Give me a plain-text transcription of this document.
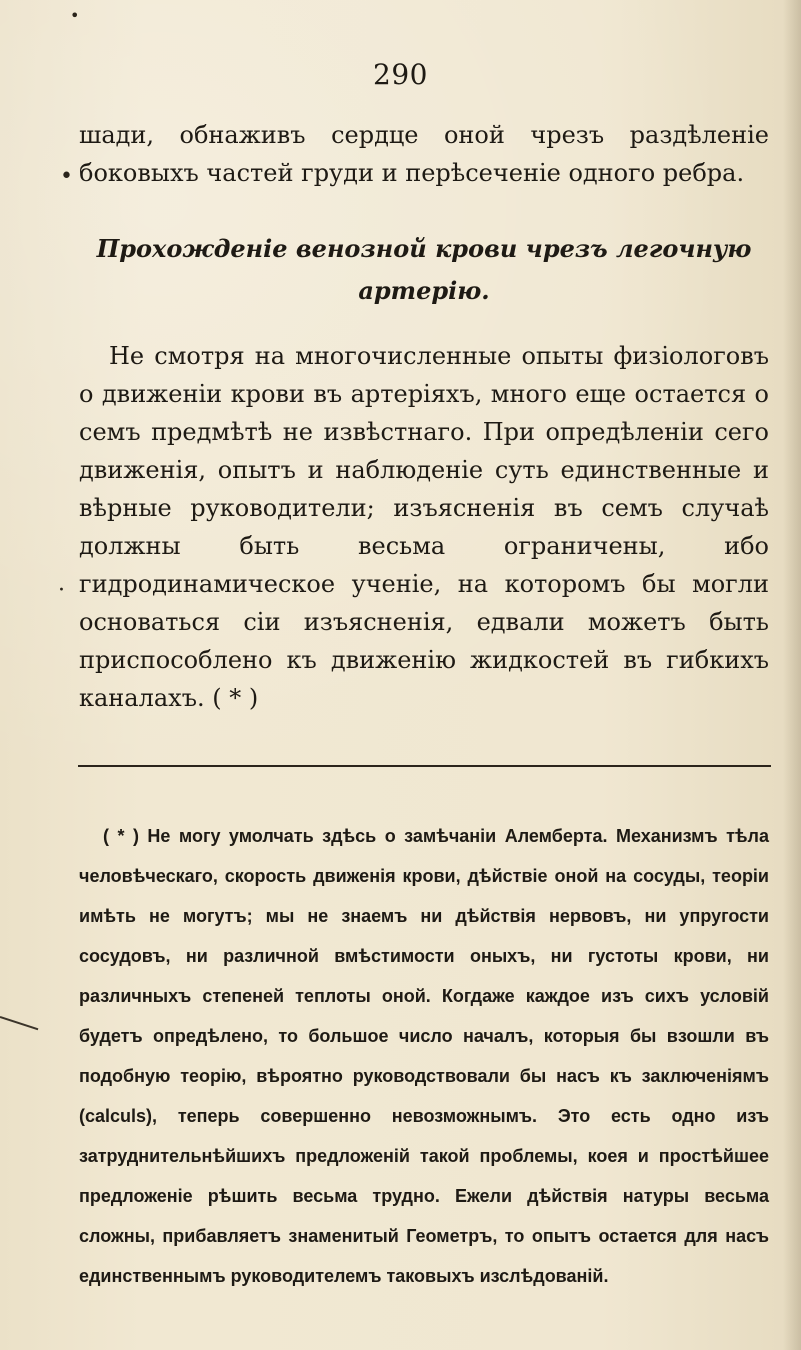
•
•
·
290

шади, обнаживъ сердце оной чрезъ раздѣленіе боковыхъ частей груди и перѣсеченіе одного ребра.

Прохожденіе венозной крови чрезъ легочную артерію.

Не смотря на многочисленные опыты физіологовъ о движеніи крови въ артеріяхъ, много еще остается о семъ предмѣтѣ не извѣстнаго. При опредѣленіи сего движенія, опытъ и наблюденіе суть единственные и вѣрные руководители; изъясненія въ семъ случаѣ должны быть весьма ограничены, ибо гидродинамическое ученіе, на которомъ бы могли основаться сіи изъясненія, едвали можетъ быть приспособлено къ движенію жидкостей въ гибкихъ каналахъ. ( * )

( * ) Не могу умолчать здѣсь о замѣчаніи Алемберта. Механизмъ тѣла человѣческаго, скорость движенія крови, дѣйствіе оной на сосуды, теоріи имѣть не могутъ; мы не знаемъ ни дѣйствія нервовъ, ни упругости сосудовъ, ни различной вмѣстимости оныхъ, ни густоты крови, ни различныхъ степеней теплоты оной. Когдаже каждое изъ сихъ условій будетъ опредѣлено, то большое число началъ, которыя бы взошли въ подобную теорію, вѣроятно руководствовали бы насъ къ заключеніямъ (calculs), теперь совершенно невозможнымъ. Это есть одно изъ затруднительнѣйшихъ предложеній такой проблемы, коея и простѣйшее предложеніе рѣшить весьма трудно. Ежели дѣйствія натуры весьма сложны, прибавляетъ знаменитый Геометръ, то опытъ остается для насъ единственнымъ руководителемъ таковыхъ изслѣдованій.
